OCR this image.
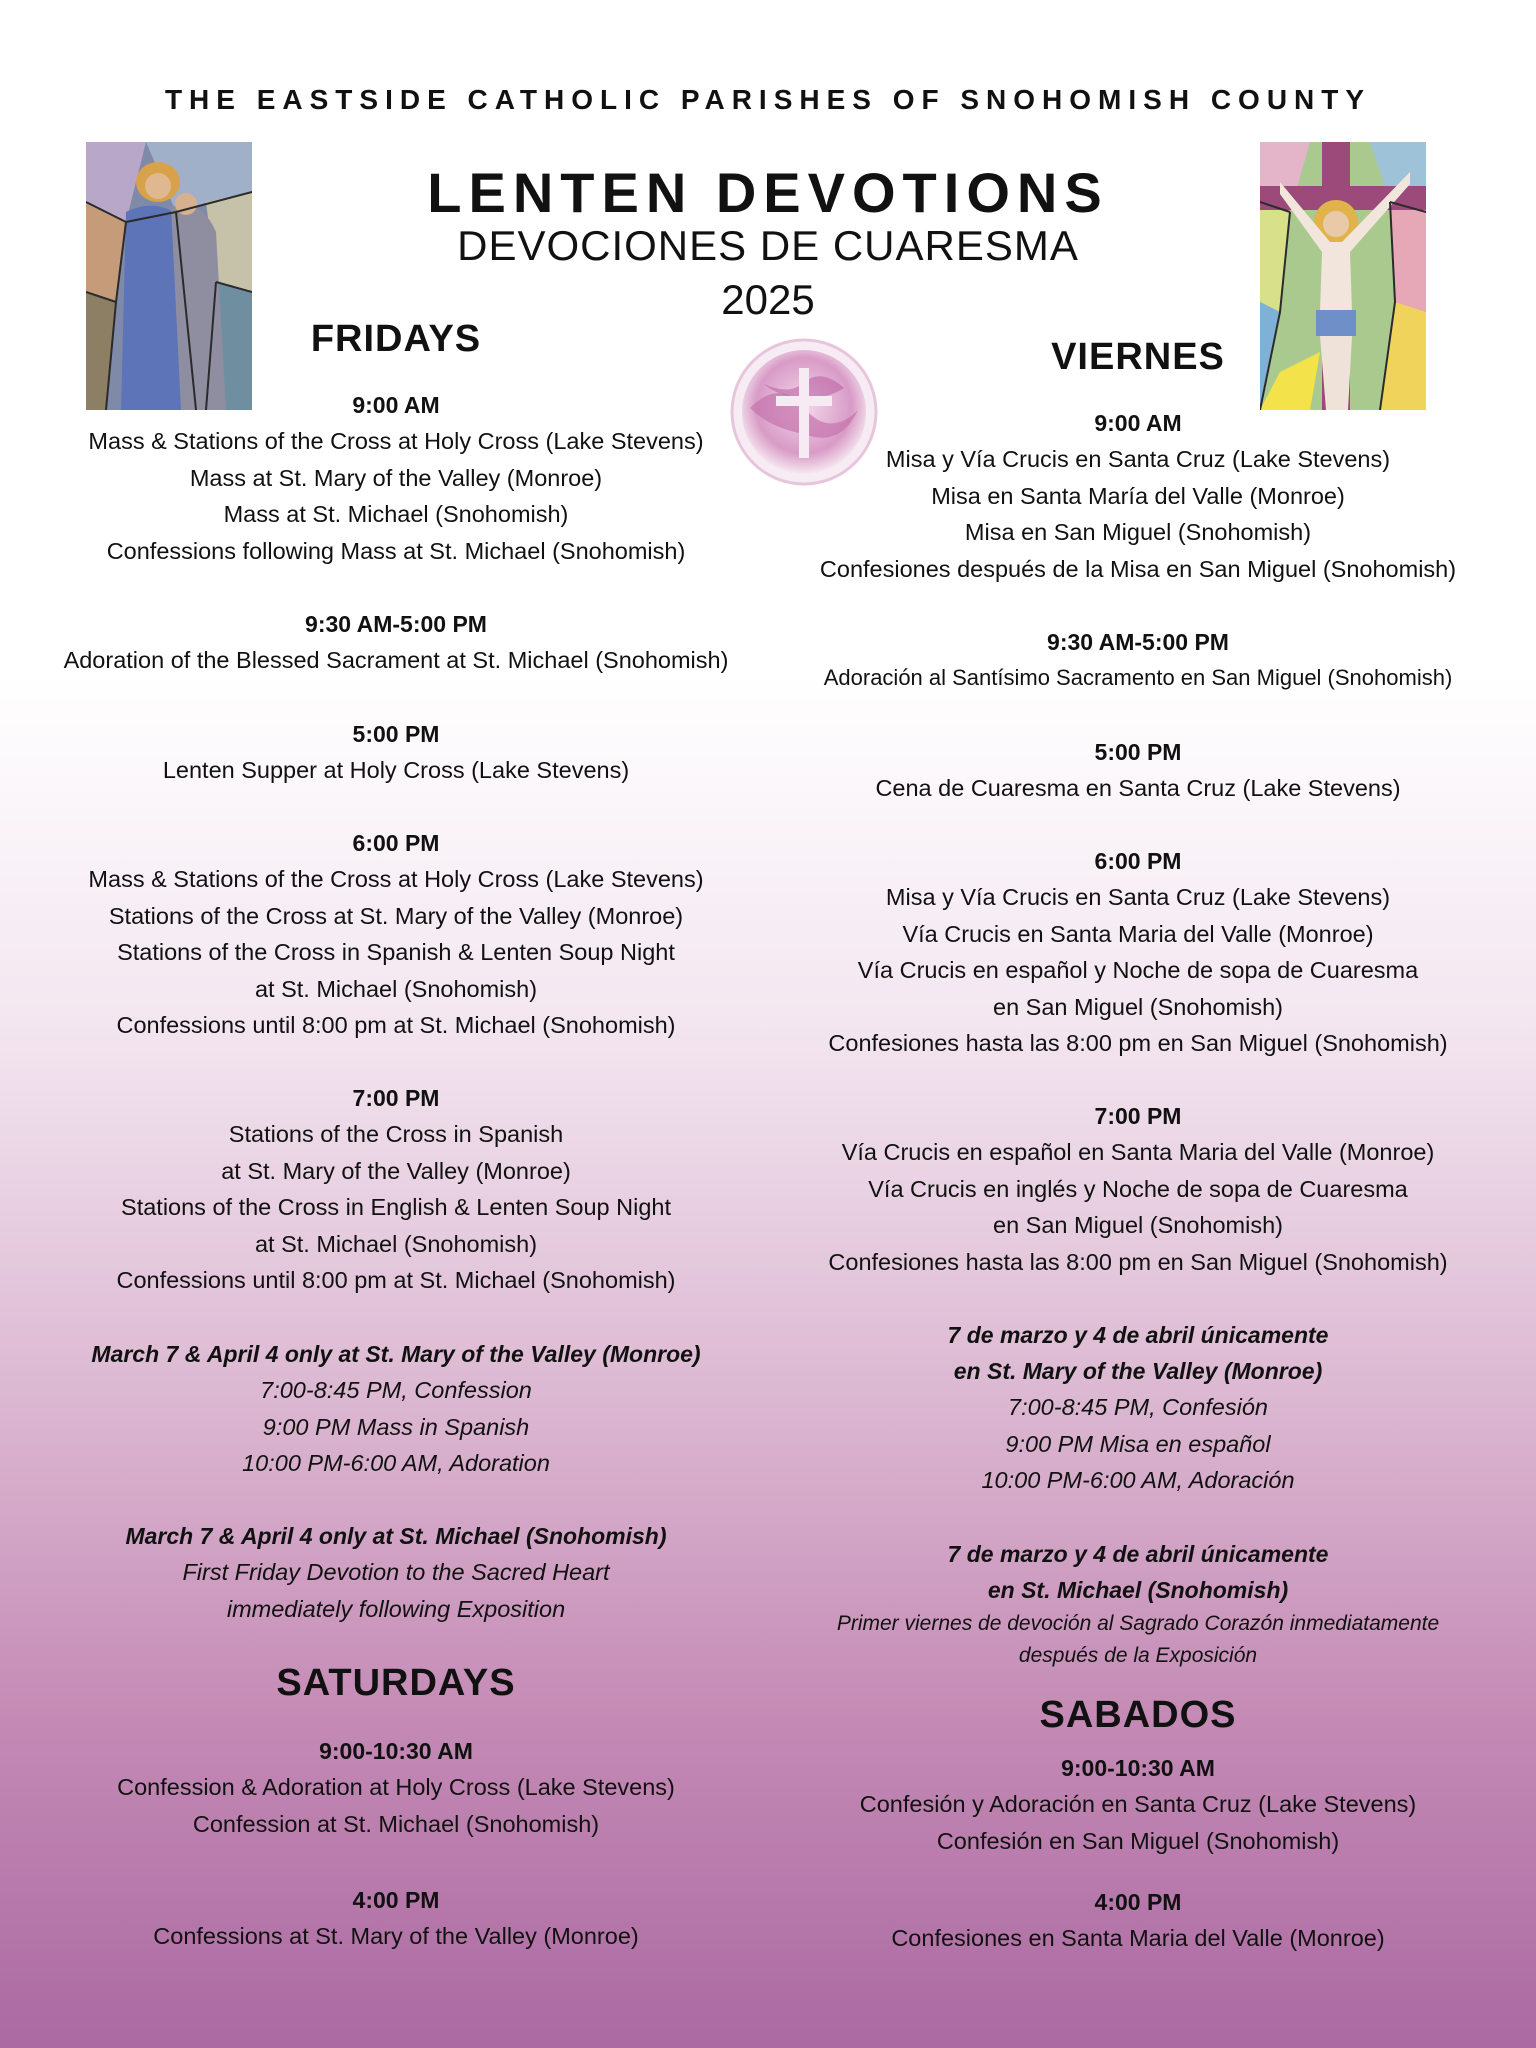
THE EASTSIDE CATHOLIC PARISHES OF SNOHOMISH COUNTY
LENTEN DEVOTIONS
DEVOCIONES DE CUARESMA
2025
FRIDAYS
9:00 AM
Mass & Stations of the Cross at Holy Cross (Lake Stevens)
Mass at St. Mary of the Valley (Monroe)
Mass at St. Michael (Snohomish)
Confessions following Mass at St. Michael (Snohomish)
9:30 AM-5:00 PM
Adoration of the Blessed Sacrament at St. Michael (Snohomish)
5:00 PM
Lenten Supper at Holy Cross (Lake Stevens)
6:00 PM
Mass & Stations of the Cross at Holy Cross (Lake Stevens)
Stations of the Cross at St. Mary of the Valley (Monroe)
Stations of the Cross in Spanish & Lenten Soup Night
at St. Michael (Snohomish)
Confessions until 8:00 pm at St. Michael (Snohomish)
7:00 PM
Stations of the Cross in Spanish
at St. Mary of the Valley (Monroe)
Stations of the Cross in English & Lenten Soup Night
at St. Michael (Snohomish)
Confessions until 8:00 pm at St. Michael (Snohomish)
March 7 & April 4 only at St. Mary of the Valley (Monroe)
7:00-8:45 PM, Confession
9:00 PM Mass in Spanish
10:00 PM-6:00 AM, Adoration
March 7 & April 4 only at St. Michael (Snohomish)
First Friday Devotion to the Sacred Heart
immediately following Exposition
SATURDAYS
9:00-10:30 AM
Confession & Adoration at Holy Cross (Lake Stevens)
Confession at St. Michael (Snohomish)
4:00 PM
Confessions at St. Mary of the Valley (Monroe)
VIERNES
9:00 AM
Misa y Vía Crucis en Santa Cruz (Lake Stevens)
Misa en Santa María del Valle (Monroe)
Misa en San Miguel (Snohomish)
Confesiones después de la Misa en San Miguel (Snohomish)
9:30 AM-5:00 PM
Adoración al Santísimo Sacramento en San Miguel (Snohomish)
5:00 PM
Cena de Cuaresma en Santa Cruz (Lake Stevens)
6:00 PM
Misa y Vía Crucis en Santa Cruz (Lake Stevens)
Vía Crucis en Santa Maria del Valle (Monroe)
Vía Crucis en español y Noche de sopa de Cuaresma
en San Miguel (Snohomish)
Confesiones hasta las 8:00 pm en San Miguel (Snohomish)
7:00 PM
Vía Crucis en español en Santa Maria del Valle (Monroe)
Vía Crucis en inglés y Noche de sopa de Cuaresma
en San Miguel (Snohomish)
Confesiones hasta las 8:00 pm en San Miguel (Snohomish)
7 de marzo y 4 de abril únicamente
en St. Mary of the Valley (Monroe)
7:00-8:45 PM, Confesión
9:00 PM Misa en español
10:00 PM-6:00 AM, Adoración
7 de marzo y 4 de abril únicamente
en St. Michael (Snohomish)
Primer viernes de devoción al Sagrado Corazón inmediatamente
después de la Exposición
SABADOS
9:00-10:30 AM
Confesión y Adoración en Santa Cruz (Lake Stevens)
Confesión en San Miguel (Snohomish)
4:00 PM
Confesiones en Santa Maria del Valle (Monroe)
